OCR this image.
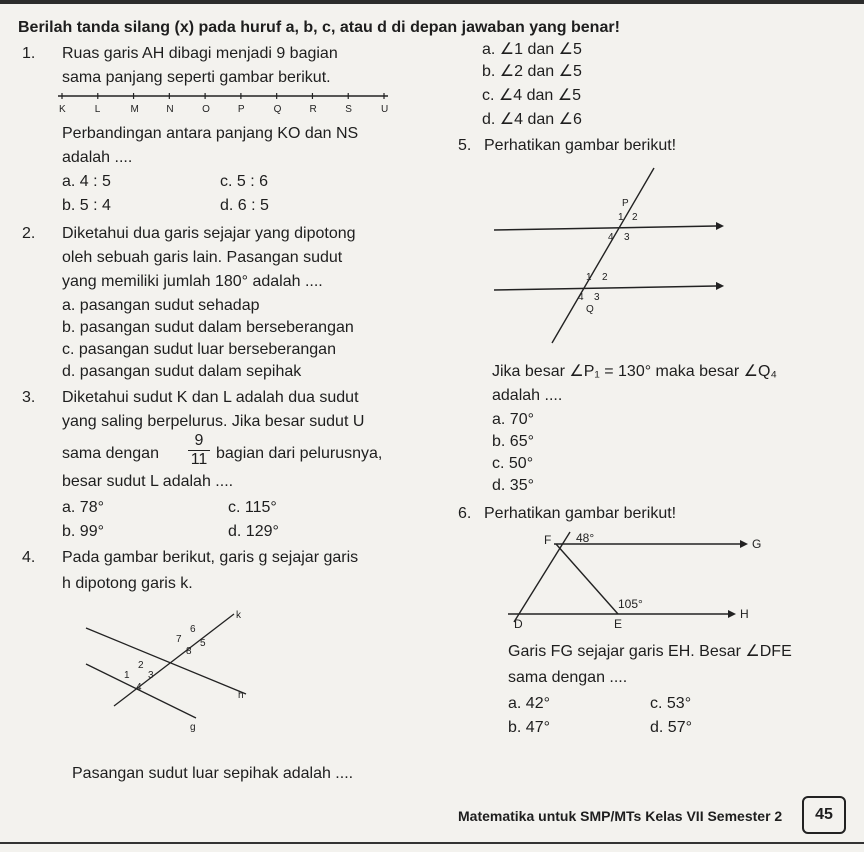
Berilah tanda silang (x) pada huruf a, b, c, atau d di depan jawaban yang benar!
1. Ruas garis AH dibagi menjadi 9 bagian
sama panjang seperti gambar berikut.
K	L	M	N	O	P	Q	R	S	U
Perbandingan antara panjang KO dan NS
adalah ....
a. 4 : 5
b. 5 : 4
c. 5 : 6
d. 6 : 5
2. Diketahui dua garis sejajar yang dipotong
oleh sebuah garis lain. Pasangan sudut
yang memiliki jumlah 180° adalah ....
a. pasangan sudut sehadap
b. pasangan sudut dalam berseberangan
c. pasangan sudut luar berseberangan
d. pasangan sudut dalam sepihak
3. Diketahui sudut K dan L adalah dua sudut
yang saling berpelurus. Jika besar sudut U
sama dengan $\frac{9}{11}$ bagian dari pelurusnya,
besar sudut L adalah ....
a. 78°
b. 99°
c. 115°
d. 129°
4. Pada gambar berikut, garis g sejajar garis
h dipotong garis k.
k
h
g
6
7 5
8
2
1 3
4
Pasangan sudut luar sepihak adalah ....
a. ∠1 dan ∠5
b. ∠2 dan ∠5
c. ∠4 dan ∠5
d. ∠4 dan ∠6
5. Perhatikan gambar berikut!
P
1 2
4 3
1 2
4 3
Q
Jika besar ∠P₁ = 130° maka besar ∠Q₄
adalah ....
a. 70°
b. 65°
c. 50°
d. 35°
6. Perhatikan gambar berikut!
F 48°	G
105°
H
D	E
Garis FG sejajar garis EH. Besar ∠DFE
sama dengan ....
a. 42°
b. 47°
c. 53°
d. 57°
Matematika untuk SMP/MTs Kelas VII Semester 2	45
